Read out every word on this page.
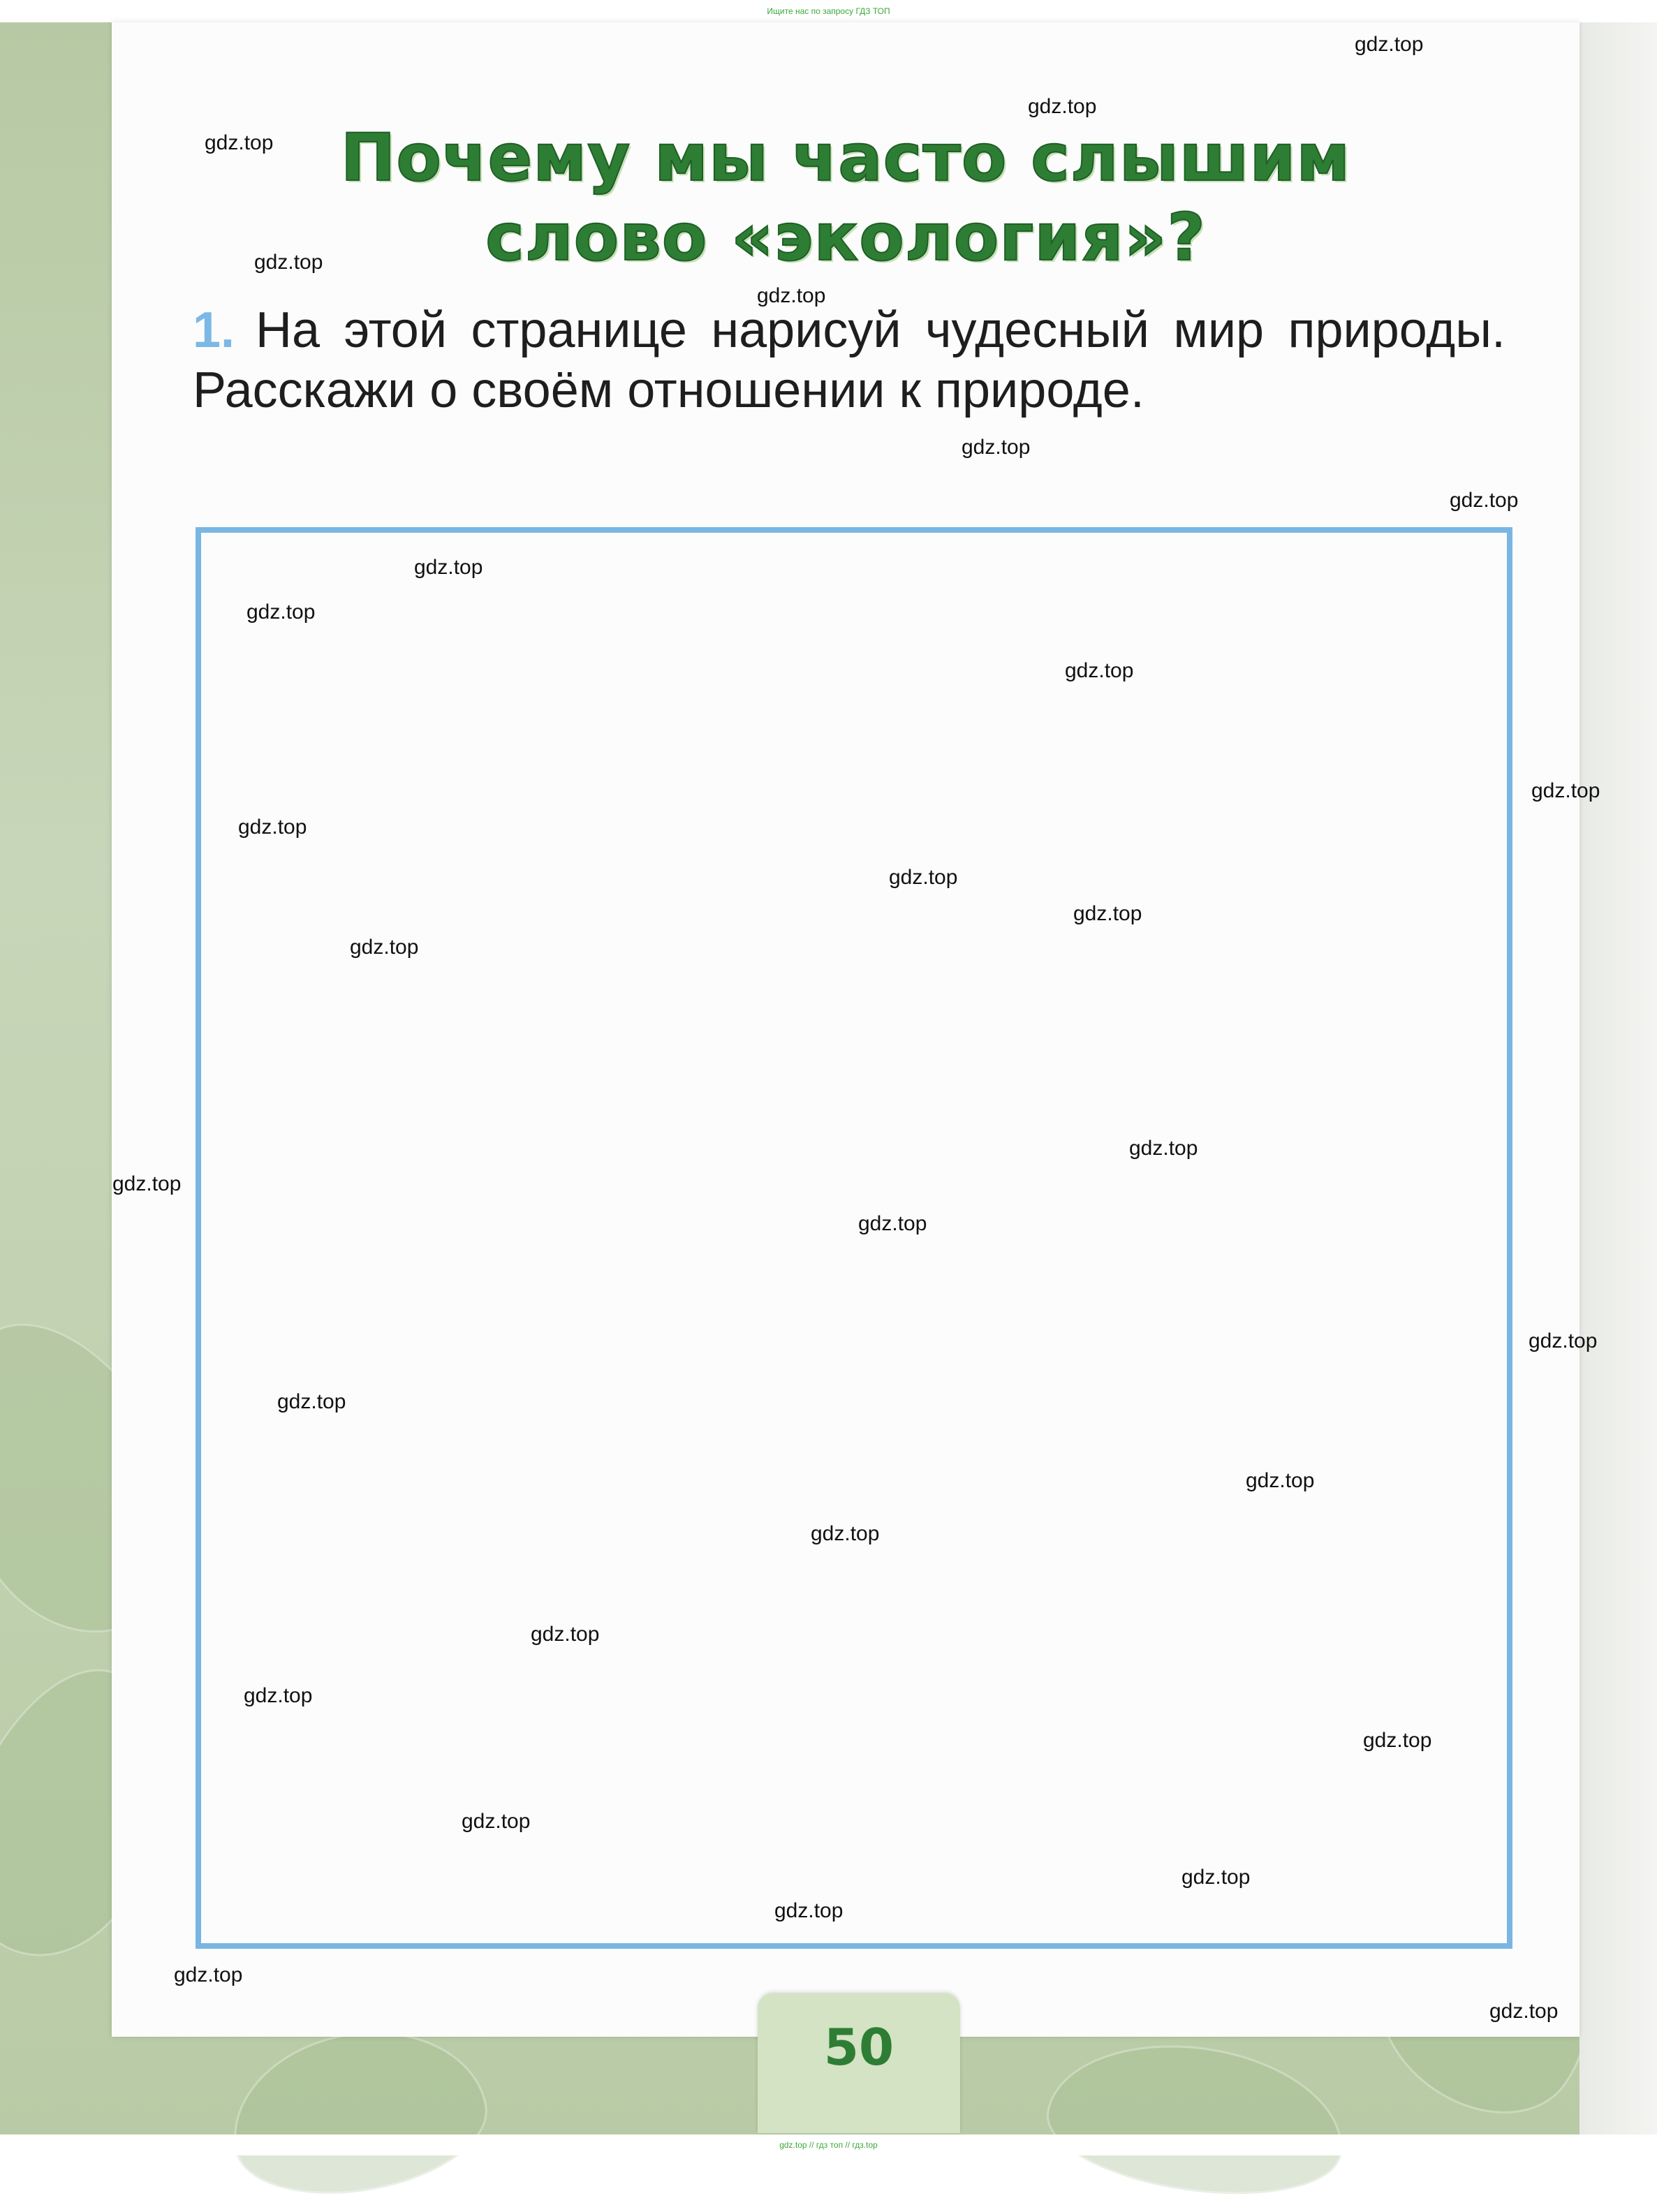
Ищите нас по запросу ГДЗ ТОП
Почему мы часто слышим
слово «экология»?
1. На этой странице нарисуй чудесный мир природы. Расскажи о своём отношении к природе.
50
gdz.top
gdz.top
gdz.top
gdz.top
gdz.top
gdz.top
gdz.top
gdz.top
gdz.top
gdz.top
gdz.top
gdz.top
gdz.top
gdz.top
gdz.top
gdz.top
gdz.top
gdz.top
gdz.top
gdz.top
gdz.top
gdz.top
gdz.top
gdz.top
gdz.top
gdz.top
gdz.top
gdz.top
gdz.top
gdz.top
gdz.top // гдз топ // гдз.top
